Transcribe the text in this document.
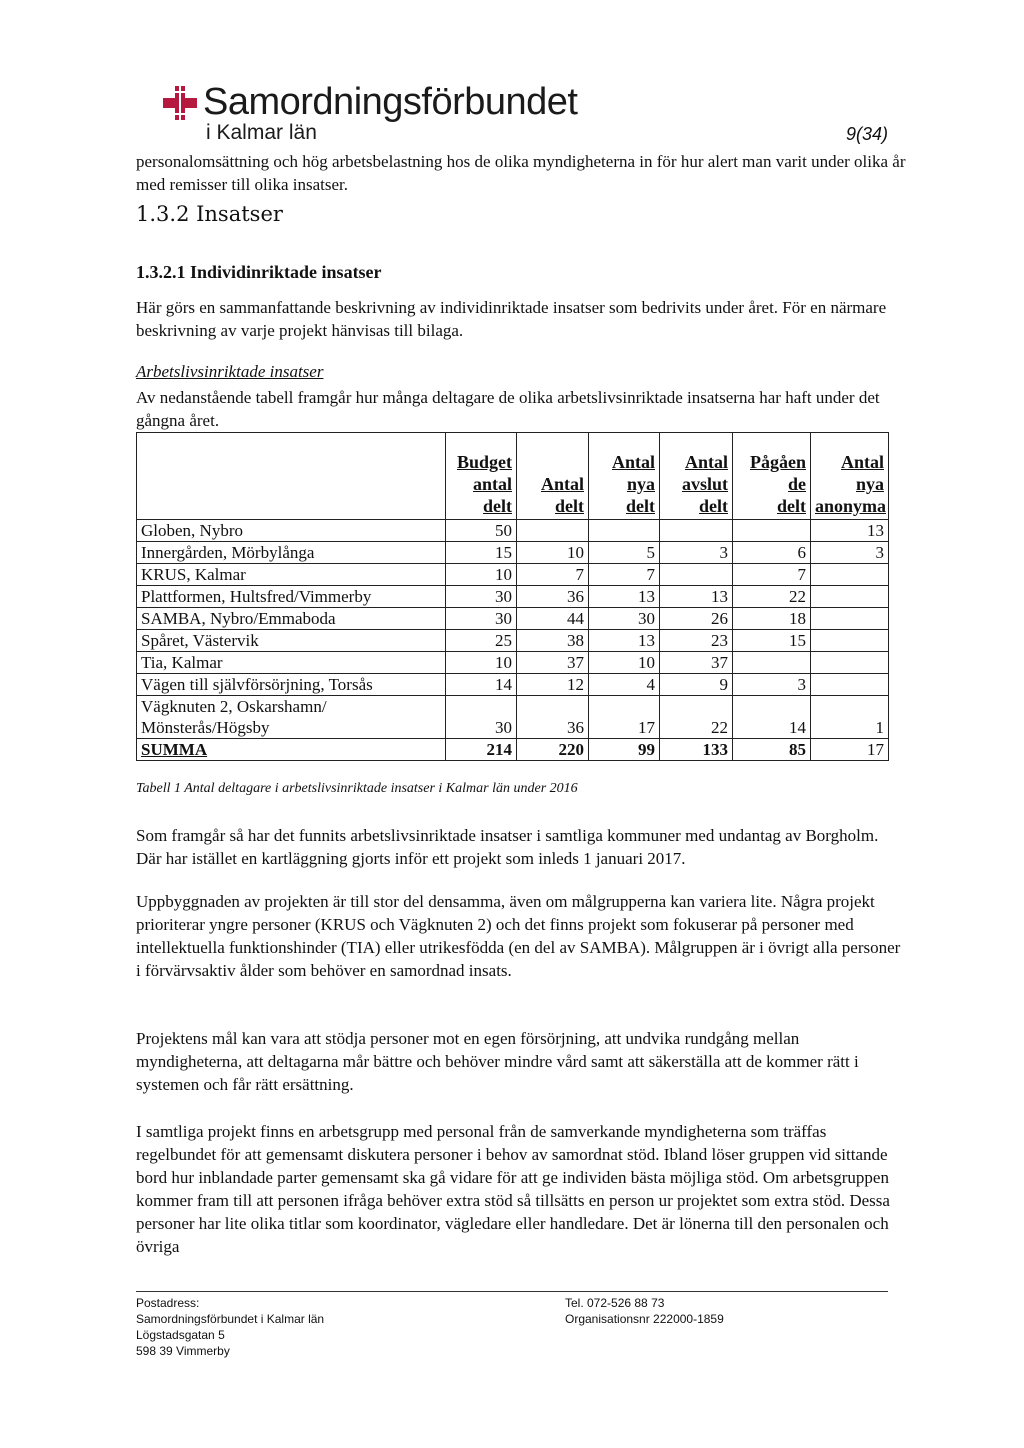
Samordningsförbundet
i Kalmar län	9(34)

personalomsättning och hög arbetsbelastning hos de olika myndigheterna in för hur alert man varit under olika år med remisser till olika insatser.

1.3.2 Insatser
1.3.2.1 Individinriktade insatser

Här görs en sammanfattande beskrivning av individinriktade insatser som bedrivits under året. För en närmare beskrivning av varje projekt hänvisas till bilaga.

Arbetslivsinriktade insatser

Av nedanstående tabell framgår hur många deltagare de olika arbetslivsinriktade insatserna har haft under det gångna året.

	Budget
antal
delt	Antal
delt	Antal
nya
delt	Antal
avslut
delt	Pågåen
de
delt	Antal
nya
anonyma
Globen, Nybro	50					13
Innergården, Mörbylånga	15	10	5	3	6	3
KRUS, Kalmar	10	7	7		7	
Plattformen, Hultsfred/Vimmerby	30	36	13	13	22	
SAMBA, Nybro/Emmaboda	30	44	30	26	18	
Spåret, Västervik	25	38	13	23	15	
Tia, Kalmar	10	37	10	37		
Vägen till självförsörjning, Torsås	14	12	4	9	3	
Vägknuten 2, Oskarshamn/ Mönsterås/Högsby	30	36	17	22	14	1
SUMMA	214	220	99	133	85	17
Tabell 1 Antal deltagare i arbetslivsinriktade insatser i Kalmar län under 2016

Som framgår så har det funnits arbetslivsinriktade insatser i samtliga kommuner med undantag av Borgholm. Där har istället en kartläggning gjorts inför ett projekt som inleds 1 januari 2017.

Uppbyggnaden av projekten är till stor del densamma, även om målgrupperna kan variera lite. Några projekt prioriterar yngre personer (KRUS och Vägknuten 2) och det finns projekt som fokuserar på personer med intellektuella funktionshinder (TIA) eller utrikesfödda (en del av SAMBA). Målgruppen är i övrigt alla personer i förvärvsaktiv ålder som behöver en samordnad insats.

Projektens mål kan vara att stödja personer mot en egen försörjning, att undvika rundgång mellan myndigheterna, att deltagarna mår bättre och behöver mindre vård samt att säkerställa att de kommer rätt i systemen och får rätt ersättning.

I samtliga projekt finns en arbetsgrupp med personal från de samverkande myndigheterna som träffas regelbundet för att gemensamt diskutera personer i behov av samordnat stöd. Ibland löser gruppen vid sittande bord hur inblandade parter gemensamt ska gå vidare för att ge individen bästa möjliga stöd. Om arbetsgruppen kommer fram till att personen ifråga behöver extra stöd så tillsätts en person ur projektet som extra stöd. Dessa personer har lite olika titlar som koordinator, vägledare eller handledare. Det är lönerna till den personalen och övriga

Postadress:
Samordningsförbundet i Kalmar län
Lögstadsgatan 5
598 39 Vimmerby
Tel. 072-526 88 73
Organisationsnr 222000-1859
